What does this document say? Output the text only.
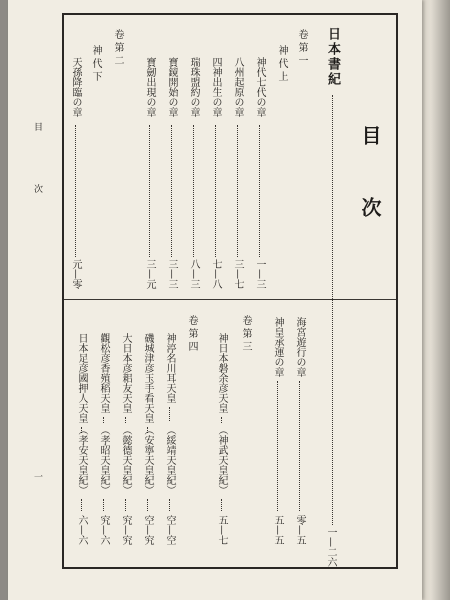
目
次
一
目　次
日本書紀
一—二六
卷第一
神代上
神代七代の章
一—三
八州起原の章
三—七
四神出生の章
七—八
瑞珠盟約の章
八—三
寶鏡開始の章
三—三
寶劒出現の章
三—元
卷第二
神代下
天孫降臨の章
元—零
海宮遊行の章
零—五
神皇承運の章
五—五
卷第三
神日本磐余彦天皇
（神武天皇紀）
五—七
卷第四
神渟名川耳天皇
（綏靖天皇紀）
空—空
磯城津彦玉手看天皇
（安寧天皇紀）
空—究
大日本彦耜友天皇
（懿德天皇紀）
究—究
觀松彦香殖稻天皇
（孝昭天皇紀）
究—六
日本足彦國押人天皇
（孝安天皇紀）
六—六
